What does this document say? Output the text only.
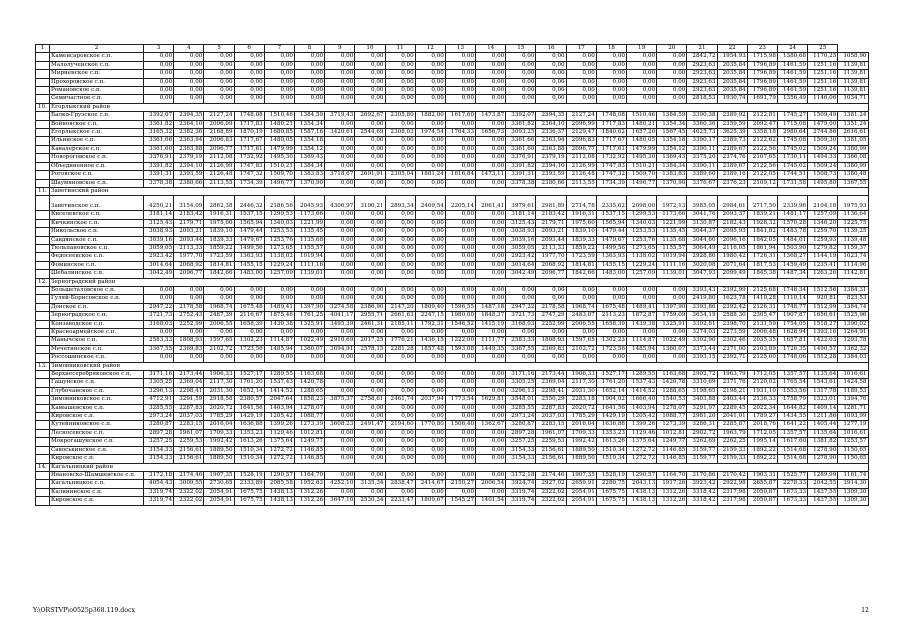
1	2	3	4	5	6	7	8	9	10	11	12	13	14	15	16	17	18	19	20	21	22	23	24	25	
	Каменсаровское с.п.	0,00	0,00	0,00	0,00	0,00	0,00	0,00	0,00	0,00	0,00	0,00	0,00	0,00	0,00	0,00	0,00	0,00	0,00	2842,72	1954,93	1715,98	1380,68	1170,25	1058,90
	Малолученское с.п.	0,00	0,00	0,00	0,00	0,00	0,00	0,00	0,00	0,00	0,00	0,00	0,00	0,00	0,00	0,00	0,00	0,00	0,00	2923,63	2035,84	1796,89	1461,59	1251,16	1139,81
	Мирненское с.п.	0,00	0,00	0,00	0,00	0,00	0,00	0,00	0,00	0,00	0,00	0,00	0,00	0,00	0,00	0,00	0,00	0,00	0,00	2923,63	2035,84	1796,89	1461,59	1251,16	1139,81
	Прохоровское с.п.	0,00	0,00	0,00	0,00	0,00	0,00	0,00	0,00	0,00	0,00	0,00	0,00	0,00	0,00	0,00	0,00	0,00	0,00	2923,63	2035,84	1796,89	1461,59	1251,16	1139,81
	Романовское с.п.	0,00	0,00	0,00	0,00	0,00	0,00	0,00	0,00	0,00	0,00	0,00	0,00	0,00	0,00	0,00	0,00	0,00	0,00	2923,63	2035,84	1796,89	1461,59	1251,16	1139,81
	Семичастное с.п.	0,00	0,00	0,00	0,00	0,00	0,00	0,00	0,00	0,00	0,00	0,00	0,00	0,00	0,00	0,00	0,00	0,00	0,00	2818,53	1930,74	1691,79	1356,49	1146,06	1034,71
10.	Егорлыкский район																								
	Балко-Грузское с.п.	3392,07	2394,35	2127,24	1748,08	1510,46	1384,59	3719,43	2692,67	2305,80	1882,00	1617,60	1473,87	3392,07	2394,35	2127,24	1748,08	1510,46	1384,59	3390,38	2389,92	2122,81	1745,27	1509,49	1381,24
	Войновское с.п.	3361,82	2364,10	2096,99	1717,83	1480,21	1354,34	0,00	0,00	0,00	0,00	0,00	0,00	3361,82	2364,10	2096,99	1717,83	1480,21	1354,34	3360,36	2359,59	2092,47	1715,08	1479,00	1351,24
	Егорлыкское с.п.	3165,32	2382,36	2168,89	1870,19	1680,85	1587,16	3420,61	2544,69	2308,03	1974,54	1764,33	1656,73	3093,25	2336,37	2129,47	1840,62	1657,20	1567,45	4625,73	3625,39	3358,18	2980,64	2744,86	2616,61
	Ильинское с.п.	3361,66	2363,94	2096,83	1717,67	1480,05	1354,18	0,00	0,00	0,00	0,00	0,00	0,00	3361,66	2363,94	2096,83	1717,67	1480,05	1354,18	3390,17	2389,73	2122,62	1745,08	1509,30	1381,05
	Кавалерское с.п.	3361,60	2363,88	2096,77	1717,61	1479,99	1354,12	0,00	0,00	0,00	0,00	0,00	0,00	3361,60	2363,88	2096,77	1717,61	1479,99	1354,12	3390,11	2389,67	2122,56	1745,02	1509,24	1380,99
	Новороговское с.п.	3376,91	2379,19	2112,08	1732,92	1495,30	1369,43	0,00	0,00	0,00	0,00	0,00	0,00	3376,91	2379,19	2112,08	1732,92	1495,30	1369,43	3375,20	2374,76	2107,65	1730,11	1494,33	1366,08
	Объединенное с.п.	3391,82	2394,10	2126,99	1747,83	1510,21	1384,34	0,00	0,00	0,00	0,00	0,00	0,00	3391,82	2394,10	2126,99	1747,83	1510,21	1384,34	3390,11	2389,67	2122,56	1745,02	1509,24	1380,99
	Роговское с.п.	3391,31	2393,59	2126,48	1747,32	1509,70	1383,83	3718,67	2691,91	2305,04	1881,24	1616,84	1473,11	3391,31	2393,59	2126,48	1747,32	1509,70	1383,83	3389,60	2389,16	2122,05	1744,51	1508,73	1380,48
	Шаумяновское с.п.	3378,38	2380,66	2113,55	1734,39	1496,77	1370,90	0,00	0,00	0,00	0,00	0,00	0,00	3378,38	2380,66	2113,55	1734,39	1496,77	1370,90	3376,67	2376,23	2109,12	1731,58	1495,80	1367,55
11.	Заветинский район																								
	Заветинское с.п.	4250,21	3154,09	2862,38	2446,32	2186,56	2045,93	4306,97	3190,21	2893,34	2469,54	2205,14	2061,41	3979,61	2981,89	2714,78	2335,62	2098,00	1972,13	3985,05	2984,61	2717,50	2339,96	2104,18	1975,93
	Киселевское с.п.	3181,14	2183,42	1916,31	1537,15	1299,53	1173,66	0,00	0,00	0,00	0,00	0,00	0,00	3181,14	2183,42	1916,31	1537,15	1299,53	1173,66	3041,76	2093,37	1839,21	1481,17	1257,09	1136,64
	Кичкинское с.п.	3125,43	2179,71	1975,60	1565,94	1340,03	1221,99	0,00	0,00	0,00	0,00	0,00	0,00	3125,43	2179,71	1975,60	1565,94	1340,03	1221,99	3130,87	2182,43	1928,32	1570,28	1346,20	1225,75
	Никольское с.п.	3038,93	2093,21	1839,10	1479,44	1253,53	1135,45	0,00	0,00	0,00	0,00	0,00	0,00	3038,93	2093,21	1839,10	1479,44	1253,53	1135,45	3044,37	2095,93	1841,82	1483,78	1259,70	1139,25
	Савдянское с.п.	3039,16	2093,44	1839,33	1479,67	1253,76	1135,68	0,00	0,00	0,00	0,00	0,00	0,00	3039,16	2093,44	1839,33	1479,67	1253,76	1135,68	3044,60	2096,16	1842,05	1484,01	1259,93	1139,48
	Тюльпановское с.п.	3059,05	2113,33	1859,22	1499,56	1273,65	1155,57	0,00	0,00	0,00	0,00	0,00	0,00	3059,05	2113,33	1859,22	1499,56	1273,65	1155,57	3064,49	2116,05	1861,94	1503,90	1279,82	1159,37
	Федосеевское с.п.	2923,42	1977,70	1723,59	1363,93	1138,02	1019,94	0,00	0,00	0,00	0,00	0,00	0,00	2923,42	1977,70	1723,59	1363,93	1138,02	1019,94	2928,86	1980,42	1726,31	1368,27	1144,19	1023,74
	Фоминское с.п.	3014,64	2068,92	1814,81	1455,15	1229,24	1111,16	0,00	0,00	0,00	0,00	0,00	0,00	3014,64	2068,92	1814,81	1455,15	1229,24	1111,16	3020,08	2071,64	1817,53	1459,49	1235,41	1114,96
	Шебалинское с.п.	3042,49	2096,77	1842,66	1483,00	1257,09	1139,01	0,00	0,00	0,00	0,00	0,00	0,00	3042,49	2096,77	1842,66	1483,00	1257,09	1139,01	3047,93	2099,49	1845,38	1487,34	1263,26	1142,81
12.	Зерноградский район																								
	Большеталовское с.п.	0,00	0,00	0,00	0,00	0,00	0,00	0,00	0,00	0,00	0,00	0,00	0,00	0,00	0,00	0,00	0,00	0,00	0,00	3393,43	2392,99	2125,68	1748,34	1512,56	1384,31
	Гуляй-Борисовское с.п.	0,00	0,00	0,00	0,00	0,00	0,00	0,00	0,00	0,00	0,00	0,00	0,00	0,00	0,00	0,00	0,00	0,00	0,00	2419,80	1623,78	1410,28	1110,14	920,81	823,53
	Донское с.п.	2947,22	2178,58	1968,74	1675,48	1489,41	1397,90	3274,58	2386,90	2147,20	1809,40	1596,55	1487,18	2947,22	2178,58	1968,74	1675,48	1489,41	1397,90	3393,86	2392,42	2126,31	1748,77	1512,99	1384,74
	Зерноградское с.п.	3721,73	2752,43	2487,39	2116,67	1875,46	1761,25	4041,17	2955,71	2661,63	2247,15	1980,00	1848,37	3721,73	2747,29	2483,07	2113,23	1872,87	1759,09	3634,19	2588,30	2305,47	1907,87	1656,61	1525,96
	Конзаводское с.п.	3168,03	2252,99	2006,55	1658,39	1439,38	1325,91	3495,39	2461,31	2185,11	1792,31	1546,52	1415,19	3168,03	2252,99	2006,55	1658,39	1439,38	1325,91	3392,81	2398,70	2131,59	1754,05	1518,27	1390,02
	Красноармейское с.п.	0,00	0,00	0,00	0,00	0,00	0,00	0,00	0,00	0,00	0,00	0,00	0,00	0,00	0,00	0,00	0,00	0,00	0,00	3274,03	2273,59	2006,48	1628,94	1393,16	1264,91
	Манычское с.п.	2583,33	1808,93	1597,65	1302,23	1114,87	1022,49	2910,69	2017,25	1776,21	1436,15	1222,00	1111,77	2583,33	1808,93	1597,65	1302,23	1114,87	1022,49	3302,90	2302,46	2035,35	1657,81	1422,03	1293,78
	Мечетинское с.п.	3367,55	2369,83	2102,72	1723,56	1485,94	1360,07	3694,91	2578,15	2281,28	1857,48	1593,08	1449,35	3367,55	2369,83	2102,72	1723,56	1485,94	1360,07	3373,44	2371,00	2103,89	1726,35	1490,57	1362,32
	Россошинское с.п.	0,00	0,00	0,00	0,00	0,00	0,00	0,00	0,00	0,00	0,00	0,00	0,00	0,00	0,00	0,00	0,00	0,00	0,00	3393,15	2392,71	2125,60	1748,06	1512,28	1384,03
13.	Зимовниковский район																								
	Верхнесеребряковское с.п.	3171,16	2173,44	1906,33	1527,17	1289,55	1163,68	0,00	0,00	0,00	0,00	0,00	0,00	3171,16	2173,44	1906,33	1527,17	1289,55	1163,68	2902,72	1963,79	1712,05	1357,57	1135,64	1016,61
	Гашунское с.п.	3305,25	2369,04	2117,30	1761,20	1537,43	1420,78	0,00	0,00	0,00	0,00	0,00	0,00	3305,25	2369,04	2117,30	1761,20	1537,43	1420,78	3310,69	2371,76	2120,02	1765,54	1543,61	1424,58
	Глубочанское с.п.	3296,13	2298,41	2031,30	1652,14	1414,52	1288,65	0,00	0,00	0,00	0,00	0,00	0,00	3296,13	2298,41	2031,30	1652,14	1414,52	1288,65	3198,65	2198,21	1931,10	1553,56	1317,78	1189,53
	Зимовниковское с.п.	4712,91	3291,59	2918,58	2380,57	2047,64	1858,23	3875,37	2758,61	2461,74	2037,94	1773,54	1629,81	3548,01	2550,29	2283,18	1904,02	1666,40	1540,53	3403,88	2403,44	2136,33	1758,79	1523,01	1394,76
	Камышевское с.п.	3285,55	2287,83	2020,72	1641,56	1403,94	1278,07	0,00	0,00	0,00	0,00	0,00	0,00	3285,55	2287,83	2020,72	1641,56	1403,94	1278,07	3291,97	2289,45	2022,34	1644,82	1409,14	1281,71
	Кировское с.п.	2973,24	2037,03	1785,29	1429,19	1205,42	1088,77	0,00	0,00	0,00	0,00	0,00	0,00	2973,24	2037,03	1785,29	1429,19	1205,42	1088,77	2981,20	2041,01	1789,27	1434,55	1211,86	1093,99
	Кутейниковское с.п.	3280,87	2283,15	2016,04	1636,88	1399,26	1273,39	3608,23	2491,47	2194,60	1770,80	1506,40	1362,67	3280,87	2283,15	2016,04	1636,88	1399,26	1273,39	3286,31	2285,87	2018,76	1641,22	1405,44	1277,19
	Лесносевское с.п.	2897,28	1961,07	1709,33	1353,23	1129,46	1012,81	0,00	0,00	0,00	0,00	0,00	0,00	2897,28	1961,07	1709,33	1353,23	1129,46	1012,81	2902,72	1963,79	1712,05	1357,57	1135,64	1016,61
	Мокрогашунское с.п.	3257,25	2259,53	1992,42	1613,26	1375,64	1249,77	0,00	0,00	0,00	0,00	0,00	0,00	3257,25	2259,53	1992,42	1613,26	1375,64	1249,77	3262,69	2262,25	1995,14	1617,60	1381,82	1253,57
	Савоськинское с.п.	3154,33	2156,61	1889,50	1510,34	1272,72	1146,85	0,00	0,00	0,00	0,00	0,00	0,00	3154,33	2156,61	1889,50	1510,34	1272,72	1146,85	3159,77	2159,33	1892,22	1514,68	1278,90	1150,65
	Кировское с.п.	3154,33	2156,61	1889,50	1510,34	1272,72	1146,85	0,00	0,00	0,00	0,00	0,00	0,00	3154,33	2156,61	1889,50	1510,34	1272,72	1146,85	3159,77	2159,33	1892,22	1514,68	1278,90	1150,65
14.	Кагальницкий район																								
	Ивановско-Шамшевское с.п.	3172,18	2174,46	1907,35	1528,19	1290,57	1164,70	0,00	0,00	0,00	0,00	0,00	0,00	3172,18	2174,46	1907,35	1528,19	1290,57	1164,70	3170,86	2170,42	1903,31	1525,77	1289,99	1161,74
	Кагальницкое с.п.	4054,43	3009,55	2730,65	2333,89	2085,58	1952,63	4252,10	3135,34	2838,47	2414,67	2150,27	2006,54	3924,74	2927,02	2659,91	2280,75	2043,13	1917,26	3923,42	2922,98	2655,87	2278,33	2042,55	1914,30
	Калининское с.п.	3319,74	2322,02	2054,91	1675,75	1438,13	1312,26	0,00	0,00	0,00	0,00	0,00	0,00	3319,74	2322,02	2054,91	1675,75	1438,13	1312,26	3318,42	2317,98	2050,87	1673,33	1437,55	1309,30
	Кировское с.п.	3319,74	2322,02	2054,91	1675,75	1438,13	1312,26	3647,10	2530,34	2233,47	1809,67	1545,27	1401,54	3319,74	2322,02	2054,91	1675,75	1438,13	1312,26	3318,42	2317,98	2050,87	1673,33	1437,55	1309,30
Y:\ORSTVP\o0525p368.119.docx	12
